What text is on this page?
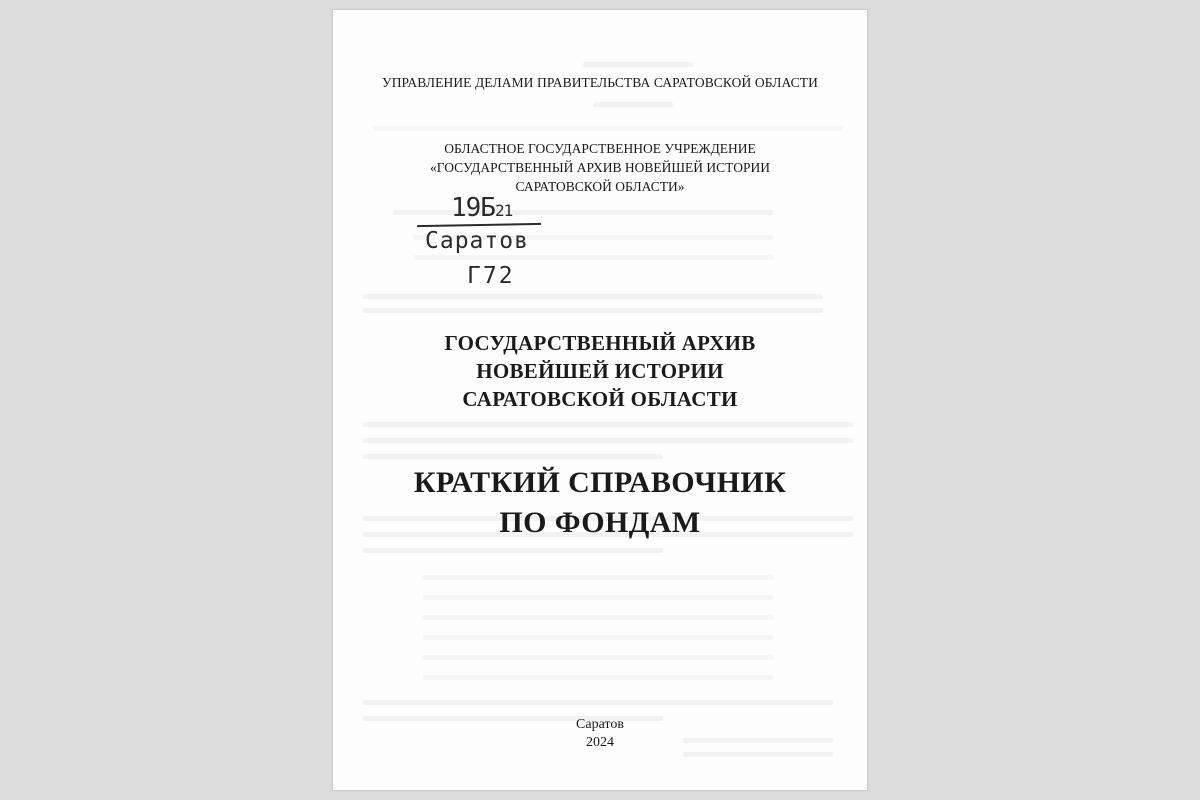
УПРАВЛЕНИЕ ДЕЛАМИ ПРАВИТЕЛЬСТВА САРАТОВСКОЙ ОБЛАСТИ
ОБЛАСТНОЕ ГОСУДАРСТВЕННОЕ УЧРЕЖДЕНИЕ
«ГОСУДАРСТВЕННЫЙ АРХИВ НОВЕЙШЕЙ ИСТОРИИ
САРАТОВСКОЙ ОБЛАСТИ»
19Б21
Саратов
Г72
ГОСУДАРСТВЕННЫЙ АРХИВ
НОВЕЙШЕЙ ИСТОРИИ
САРАТОВСКОЙ ОБЛАСТИ
КРАТКИЙ СПРАВОЧНИК
ПО ФОНДАМ
Саратов
2024
